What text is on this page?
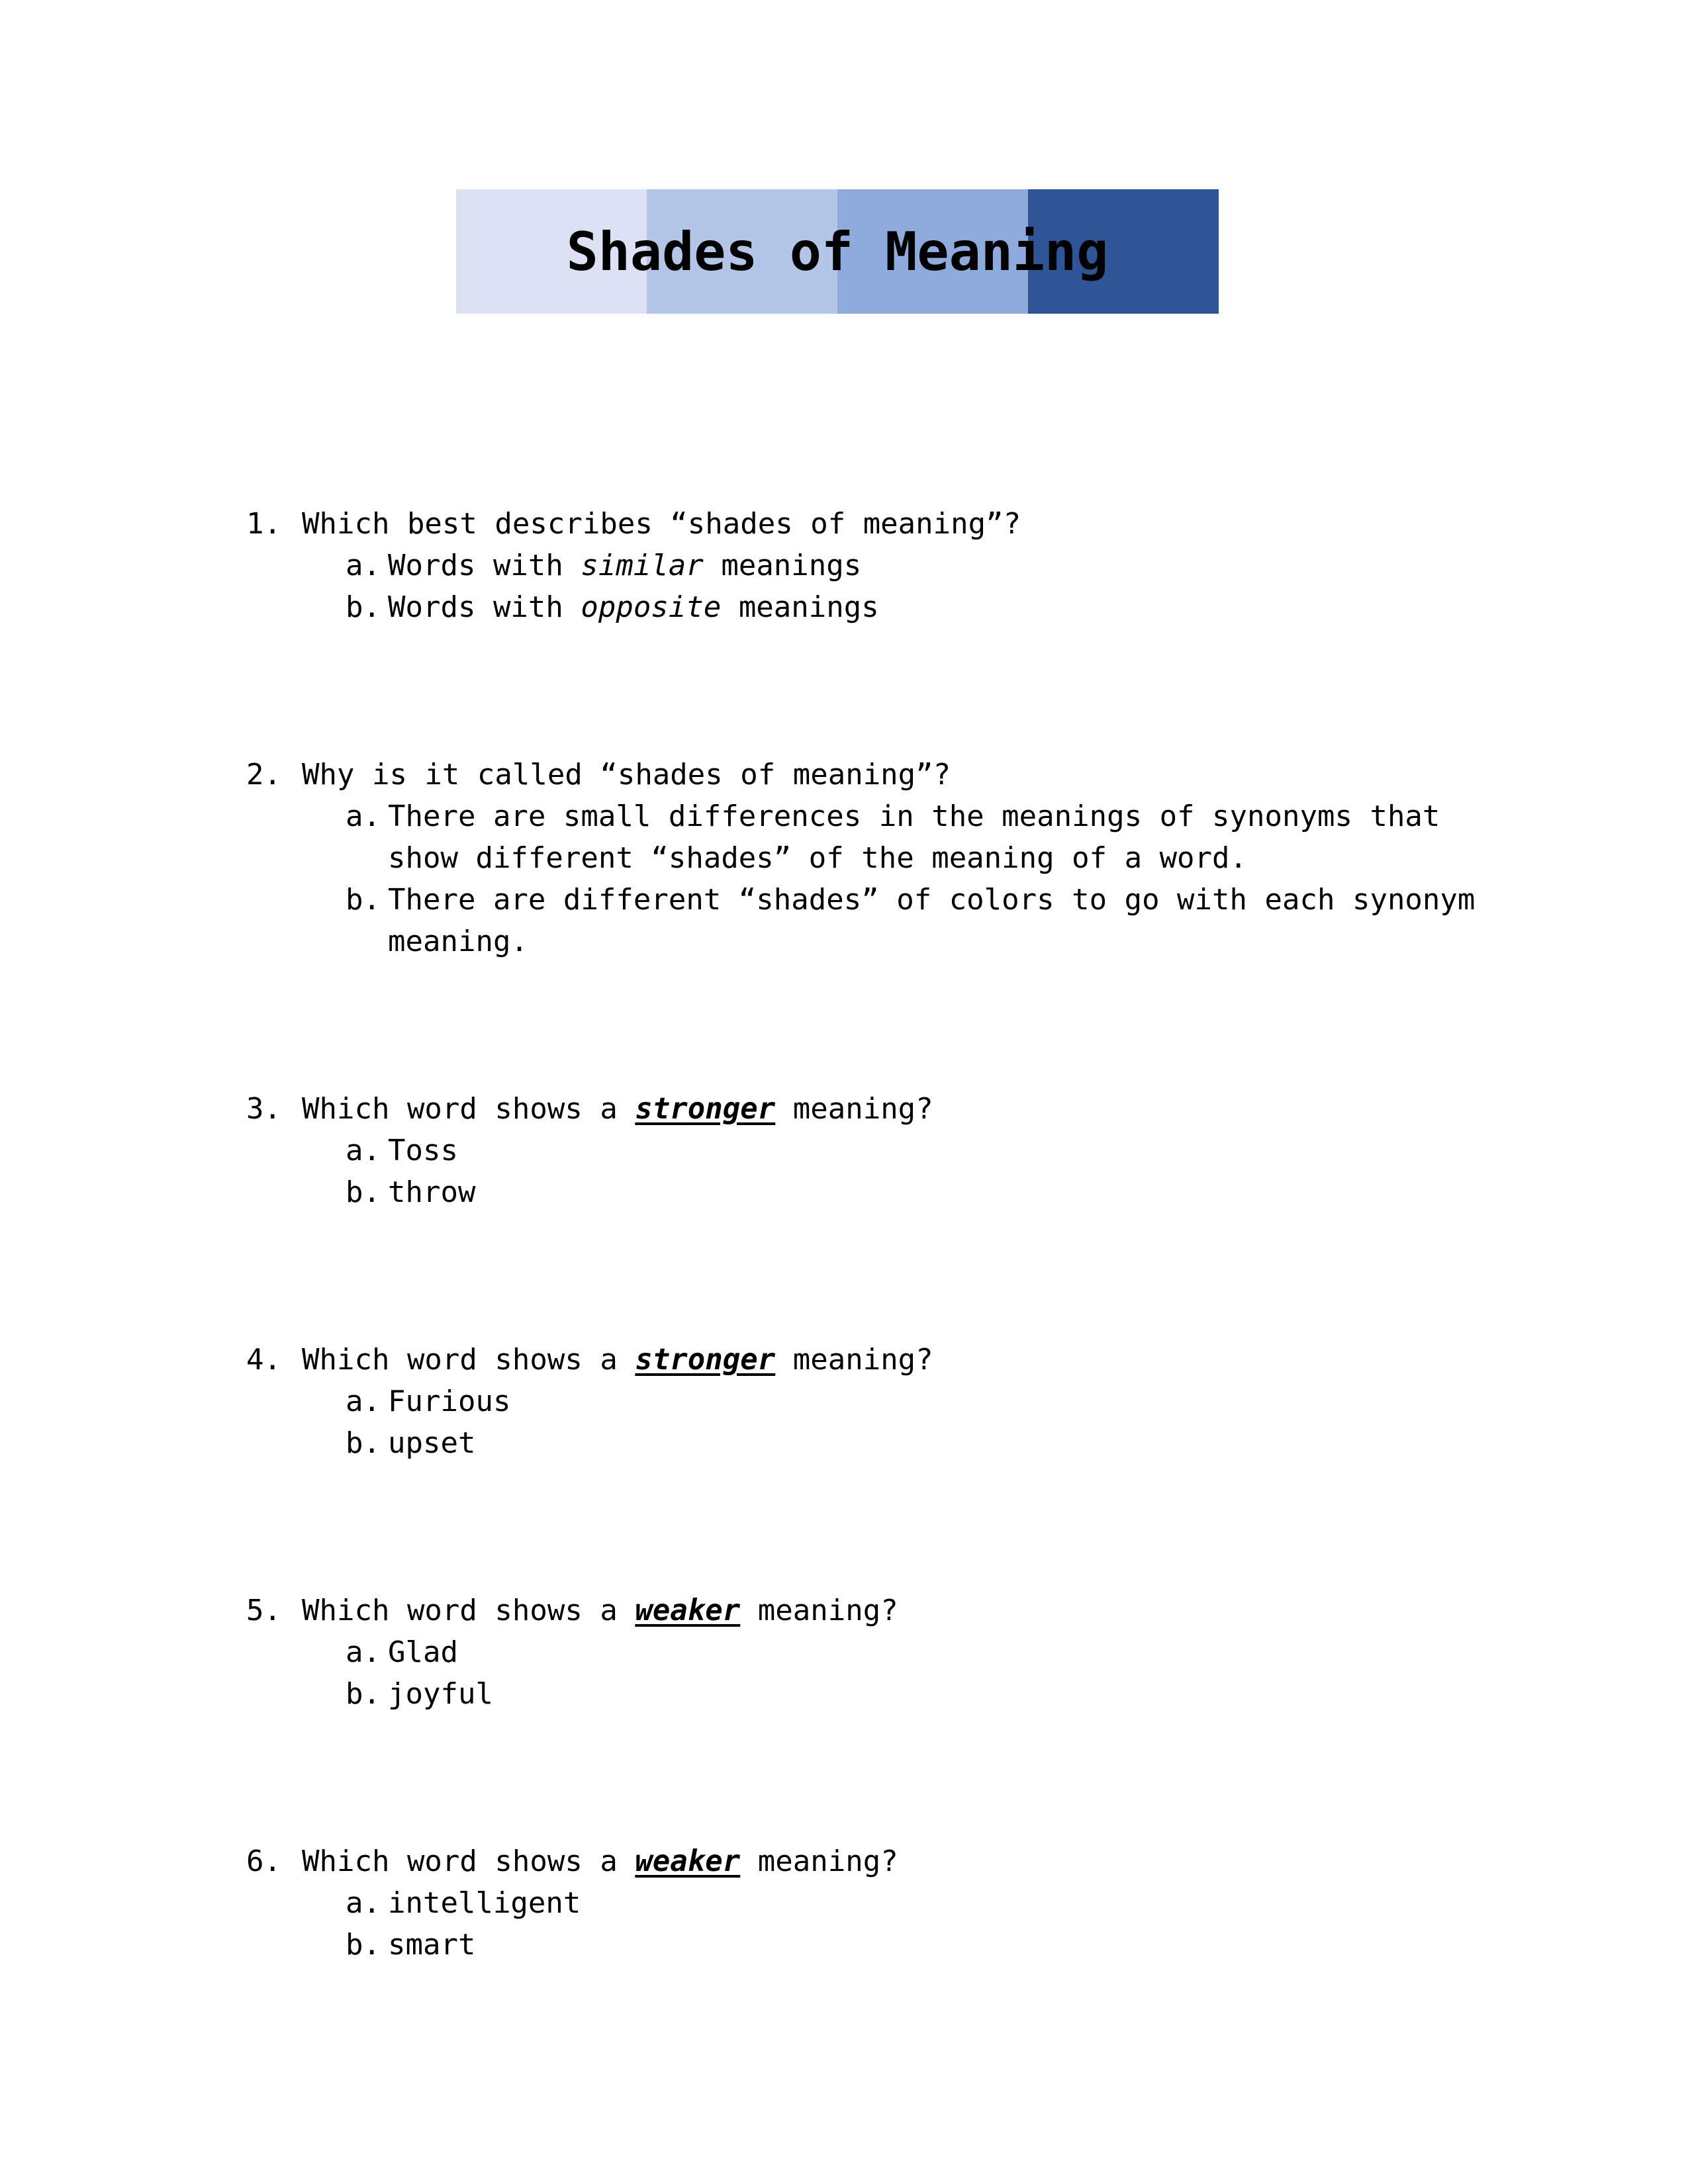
Shades of Meaning
1. Which best describes “shades of meaning”?
a. Words with similar meanings
b. Words with opposite meanings
2. Why is it called “shades of meaning”?
a. There are small differences in the meanings of synonyms that show different “shades” of the meaning of a word.
b. There are different “shades” of colors to go with each synonym meaning.
3. Which word shows a stronger meaning?
a. Toss
b. throw
4. Which word shows a stronger meaning?
a. Furious
b. upset
5. Which word shows a weaker meaning?
a. Glad
b. joyful
6. Which word shows a weaker meaning?
a. intelligent
b. smart
